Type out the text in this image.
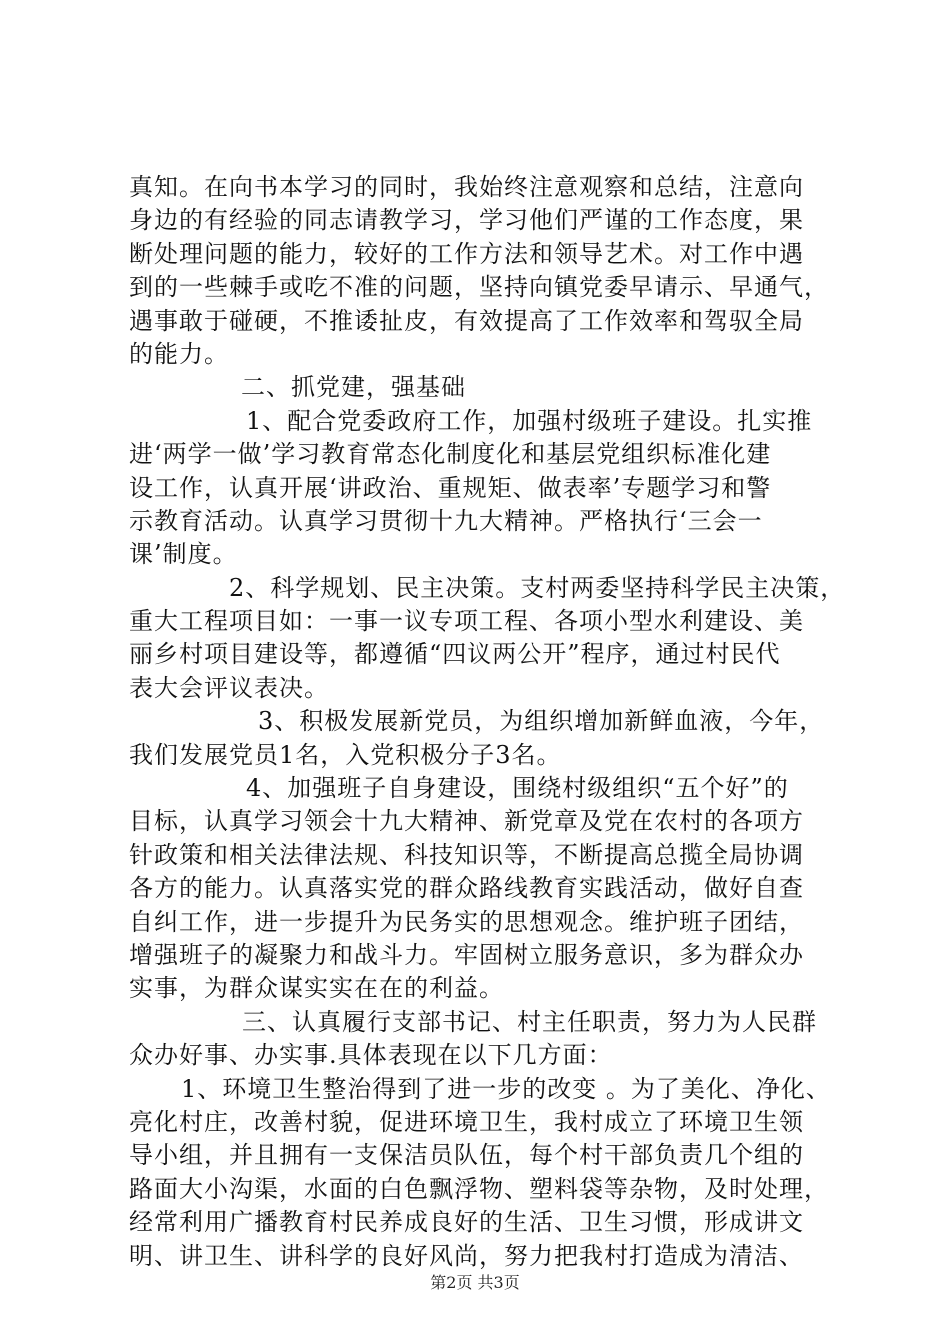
真知。在向书本学习的同时，我始终注意观察和总结，注意向
身边的有经验的同志请教学习，学习他们严谨的工作态度，果
断处理问题的能力，较好的工作方法和领导艺术。对工作中遇
到的一些棘手或吃不准的问题，坚持向镇党委早请示、早通气，
遇事敢于碰硬，不推诿扯皮，有效提高了工作效率和驾驭全局
的能力。
二、抓党建，强基础
1、配合党委政府工作，加强村级班子建设。扎实推
进‘两学一做’学习教育常态化制度化和基层党组织标准化建
设工作，认真开展‘讲政治、重规矩、做表率’专题学习和警
示教育活动。认真学习贯彻十九大精神。严格执行‘三会一
课’制度。
2、科学规划、民主决策。支村两委坚持科学民主决策，
重大工程项目如：一事一议专项工程、各项小型水利建设、美
丽乡村项目建设等，都遵循“四议两公开”程序，通过村民代
表大会评议表决。
3、积极发展新党员，为组织增加新鲜血液，今年，
我们发展党员1名，入党积极分子3名。
4、加强班子自身建设，围绕村级组织“五个好”的
目标，认真学习领会十九大精神、新党章及党在农村的各项方
针政策和相关法律法规、科技知识等，不断提高总揽全局协调
各方的能力。认真落实党的群众路线教育实践活动，做好自查
自纠工作，进一步提升为民务实的思想观念。维护班子团结，
增强班子的凝聚力和战斗力。牢固树立服务意识，多为群众办
实事，为群众谋实实在在的利益。
三、认真履行支部书记、村主任职责，努力为人民群
众办好事、办实事.具体表现在以下几方面：
1、环境卫生整治得到了进一步的改变 。为了美化、净化、
亮化村庄，改善村貌，促进环境卫生，我村成立了环境卫生领
导小组，并且拥有一支保洁员队伍，每个村干部负责几个组的
路面大小沟渠，水面的白色飘浮物、塑料袋等杂物，及时处理，
经常利用广播教育村民养成良好的生活、卫生习惯，形成讲文
明、讲卫生、讲科学的良好风尚，努力把我村打造成为清洁、
第2页 共3页
